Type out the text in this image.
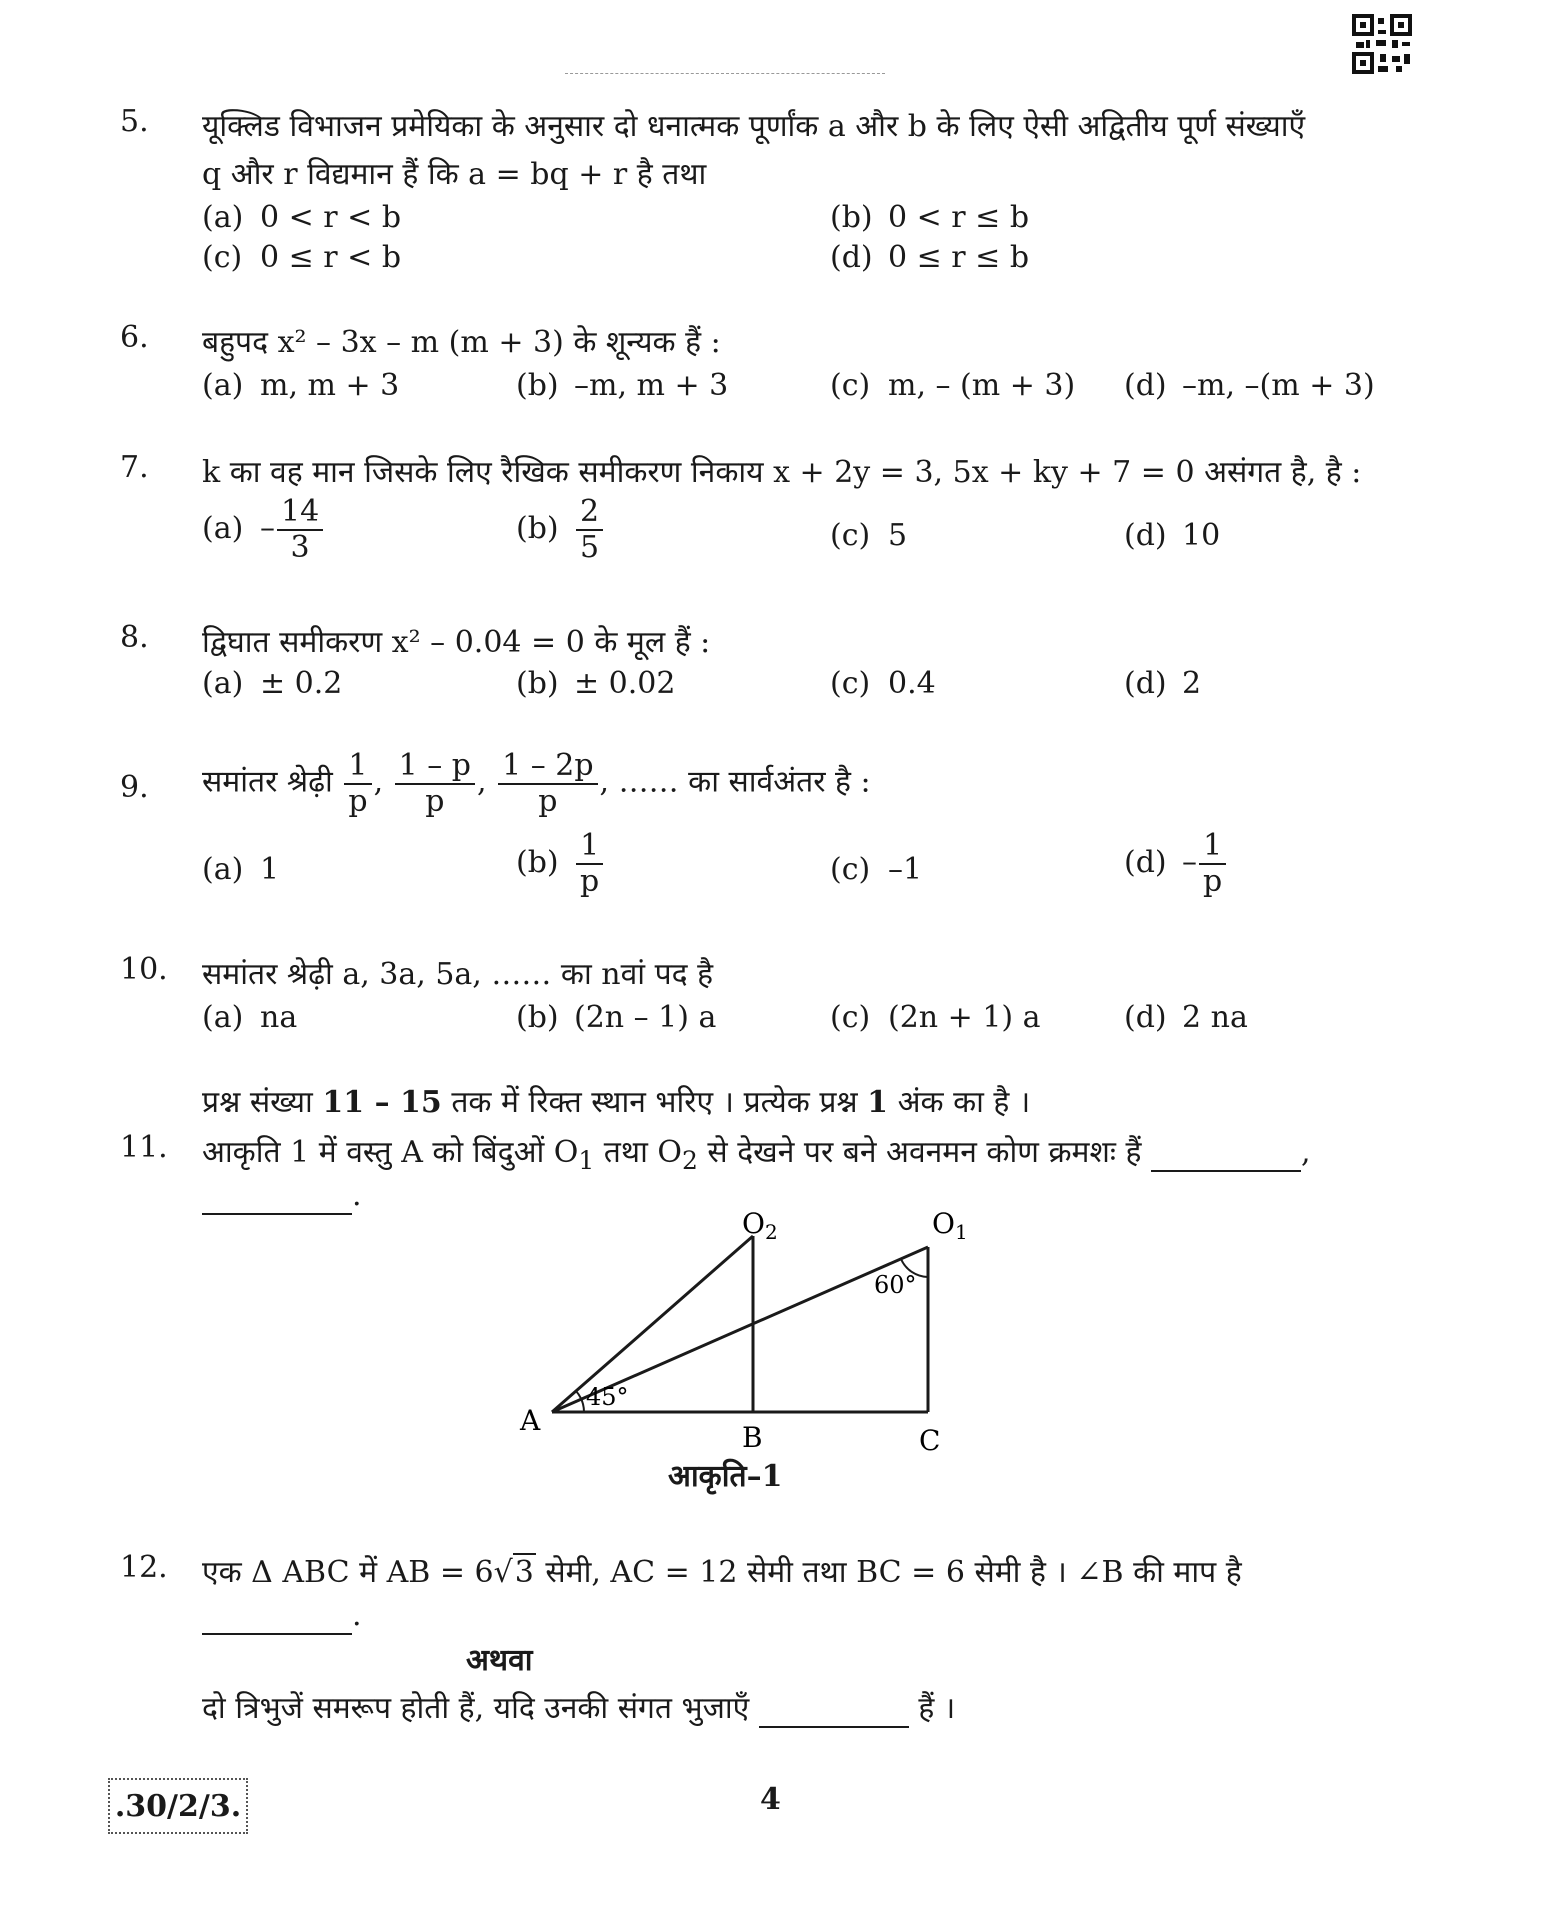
5.	यूक्लिड विभाजन प्रमेयिका के अनुसार दो धनात्मक पूर्णांक a और b के लिए ऐसी अद्वितीय पूर्ण संख्याएँ
q और r विद्यमान हैं कि a = bq + r है तथा
(a) 0 < r < b	(b) 0 < r ≤ b
(c) 0 ≤ r < b	(d) 0 ≤ r ≤ b
6.	बहुपद x² – 3x – m (m + 3) के शून्यक हैं :
(a) m, m + 3	(b) –m, m + 3	(c) m, – (m + 3) (d) –m, –(m + 3)
7.	k का वह मान जिसके लिए रैखिक समीकरण निकाय x + 2y = 3, 5x + ky + 7 = 0 असंगत है, है :
$(a) - \frac{14}{3}$	$(b) \frac{2}{5}$	(c) 5	(d) 10
8.	द्विघात समीकरण x² – 0.04 = 0 के मूल हैं :
(a) ± 0.2	(b) ± 0.02	(c) 0.4	(d) 2
9.	समांतर श्रेढ़ी $\frac{1}{p}$ , $\frac{1 - p}{p}$ , $\frac{1 - 2p}{p}$ , …… का सार्वअंतर है :
(a) 1	$(b) \frac{1}{p}$	(c) –1	$(d) - \frac{1}{p}$
10.	समांतर श्रेढ़ी a, 3a, 5a, …… का nवां पद है
(a) na	(b) (2n – 1) a	(c) (2n + 1) a	(d) 2 na
प्रश्न संख्या 11 – 15 तक में रिक्त स्थान भरिए । प्रत्येक प्रश्न 1 अंक का है ।
11.	आकृति 1 में वस्तु A को बिंदुओं $O_1$ तथा $O_2$ से देखने पर बने अवनमन कोण क्रमशः हैं	,
.
A
B	C
$O_2$	$O_1$
45°
60°
आकृति–1
12.	एक Δ ABC में AB = 6√3 सेमी, AC = 12 सेमी तथा BC = 6 सेमी है । ∠B की माप है
.
अथवा
दो त्रिभुजें समरूप होती हैं, यदि उनकी संगत भुजाएँ	हैं ।
.30/2/3.	4
